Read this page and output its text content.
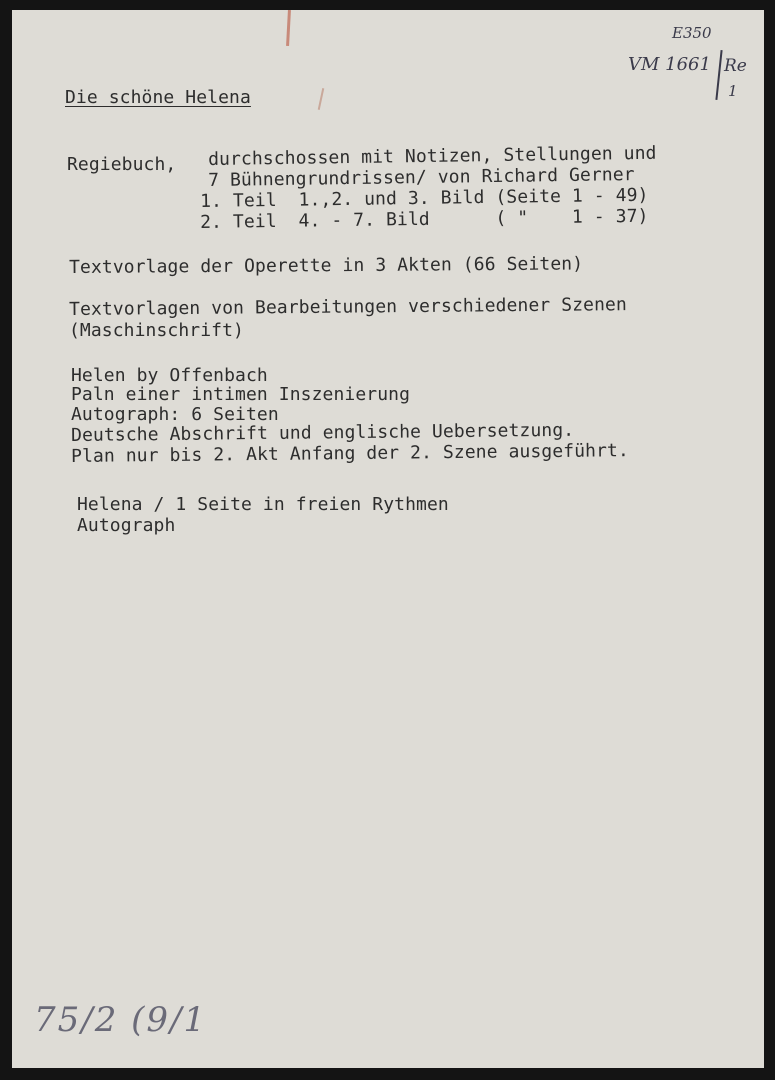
E350
VM 1661 Re
1
Die schöne Helena
Regiebuch, durchschossen mit Notizen, Stellungen und
7 Bühnengrundrissen/ von Richard Gerner
1. Teil  1.,2. und 3. Bild (Seite 1 - 49)
2. Teil  4. - 7. Bild      ( "    1 - 37)
Textvorlage der Operette in 3 Akten (66 Seiten)
Textvorlagen von Bearbeitungen verschiedener Szenen
(Maschinschrift)
Helen by Offenbach
Paln einer intimen Inszenierung
Autograph: 6 Seiten
Deutsche Abschrift und englische Uebersetzung.
Plan nur bis 2. Akt Anfang der 2. Szene ausgeführt.
Helena / 1 Seite in freien Rythmen
Autograph
75/2 (9/1
